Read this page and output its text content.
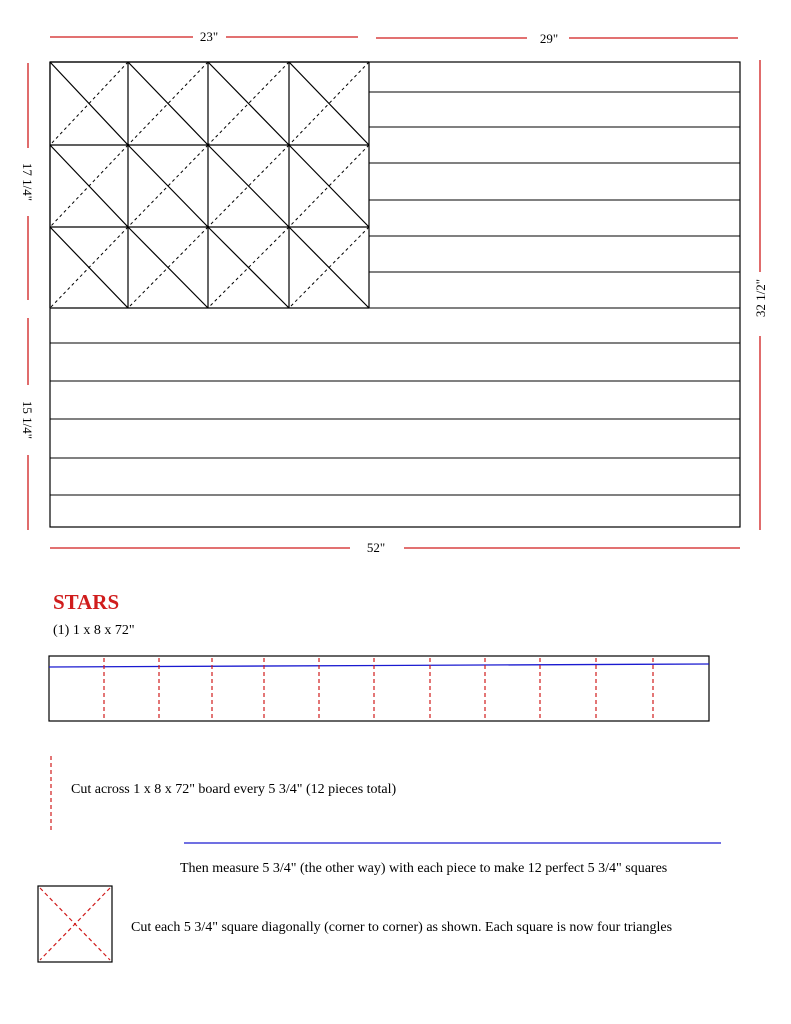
23"	29"
17 1/4"
15 1/4"
32 1/2"
52"
STARS

(1) 1 x 8 x 72"

Cut across 1 x 8 x 72" board every 5 3/4" (12 pieces total)

Then measure 5 3/4" (the other way) with each piece to make 12 perfect 5 3/4" squares

Cut each 5 3/4" square diagonally (corner to corner) as shown. Each square is now four triangles
